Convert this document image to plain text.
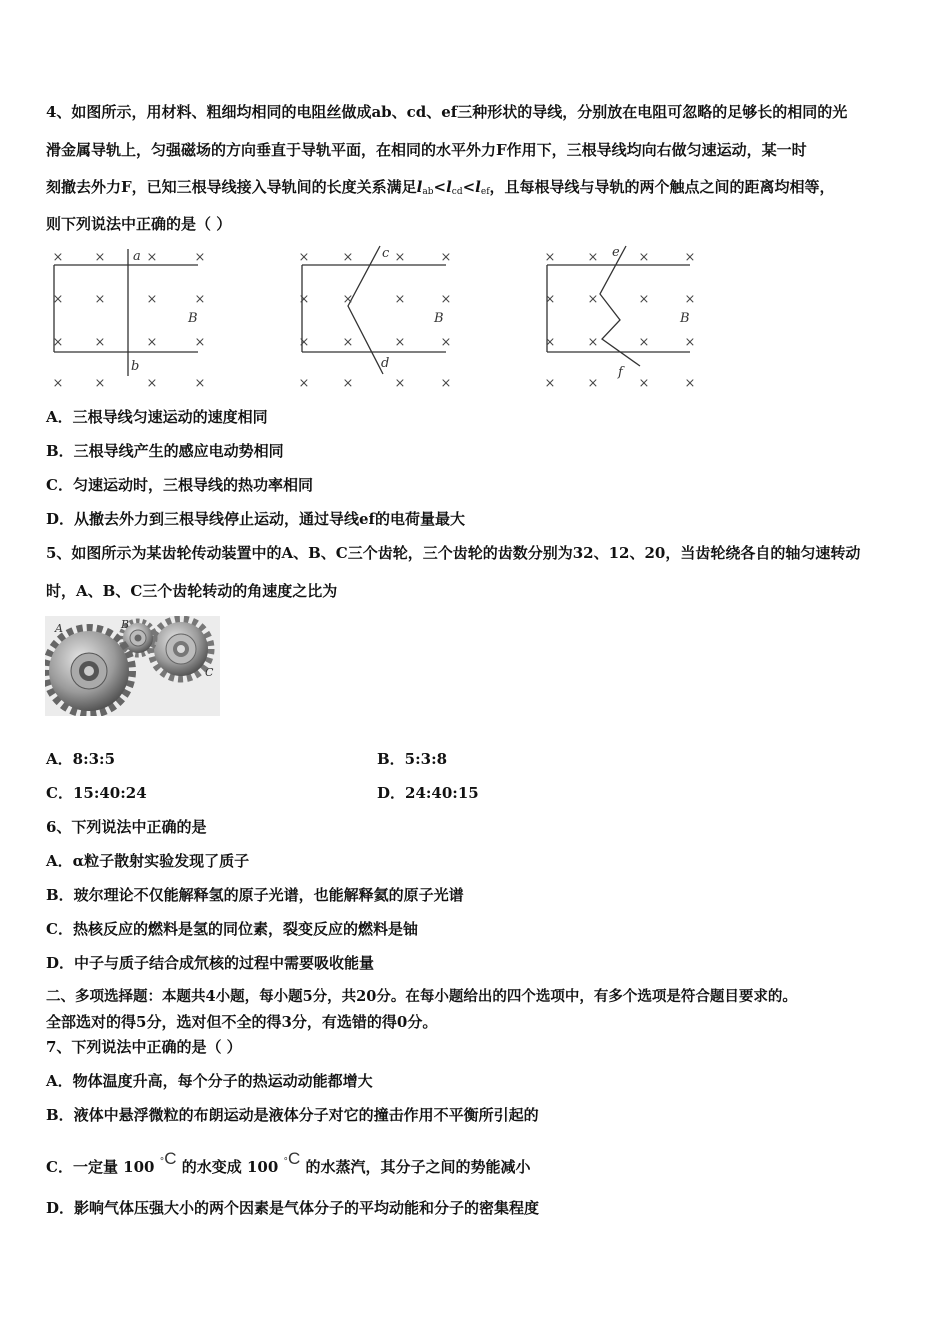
4、如图所示，用材料、粗细均相同的电阻丝做成ab、cd、ef三种形状的导线，分别放在电阻可忽略的足够长的相同的光
滑金属导轨上，匀强磁场的方向垂直于导轨平面，在相同的水平外力F作用下，三根导线均向右做匀速运动，某一时
刻撤去外力F，已知三根导线接入导轨间的长度关系满足$l_{ab}<l_{cd}<l_{ef}$，且每根导线与导轨的两个触点之间的距离均相等，
则下列说法中正确的是（ ）
× ×	×	×
× ×	×	×
× ×	×	×
× ×	×	×
×	×	×	×
×	×	×	×
×	×	×	×
×	×	×	×
× ×	×	×
× ×	×	×
× ×	×	×
× ×	×	×
a
b
B
c
d
B
e
f
B
A．三根导线匀速运动的速度相同
B．三根导线产生的感应电动势相同
C．匀速运动时，三根导线的热功率相同
D．从撤去外力到三根导线停止运动，通过导线ef的电荷量最大
5、如图所示为某齿轮传动装置中的A、B、C三个齿轮，三个齿轮的齿数分别为32、12、20，当齿轮绕各自的轴匀速转动
时，A、B、C三个齿轮转动的角速度之比为
A	B
C
A．8:3:5	B．5:3:8
C．15:40:24	D．24:40:15
6、下列说法中正确的是
A．α粒子散射实验发现了质子
B．玻尔理论不仅能解释氢的原子光谱，也能解释氦的原子光谱
C．热核反应的燃料是氢的同位素，裂变反应的燃料是铀
D．中子与质子结合成氘核的过程中需要吸收能量
二、多项选择题：本题共4小题，每小题5分，共20分。在每小题给出的四个选项中，有多个选项是符合题目要求的。
全部选对的得5分，选对但不全的得3分，有选错的得0分。
7、下列说法中正确的是（ ）
A．物体温度升高，每个分子的热运动动能都增大
B．液体中悬浮微粒的布朗运动是液体分子对它的撞击作用不平衡所引起的
C．一定量 100 °C 的水变成 100 °C 的水蒸汽，其分子之间的势能减小
D．影响气体压强大小的两个因素是气体分子的平均动能和分子的密集程度
